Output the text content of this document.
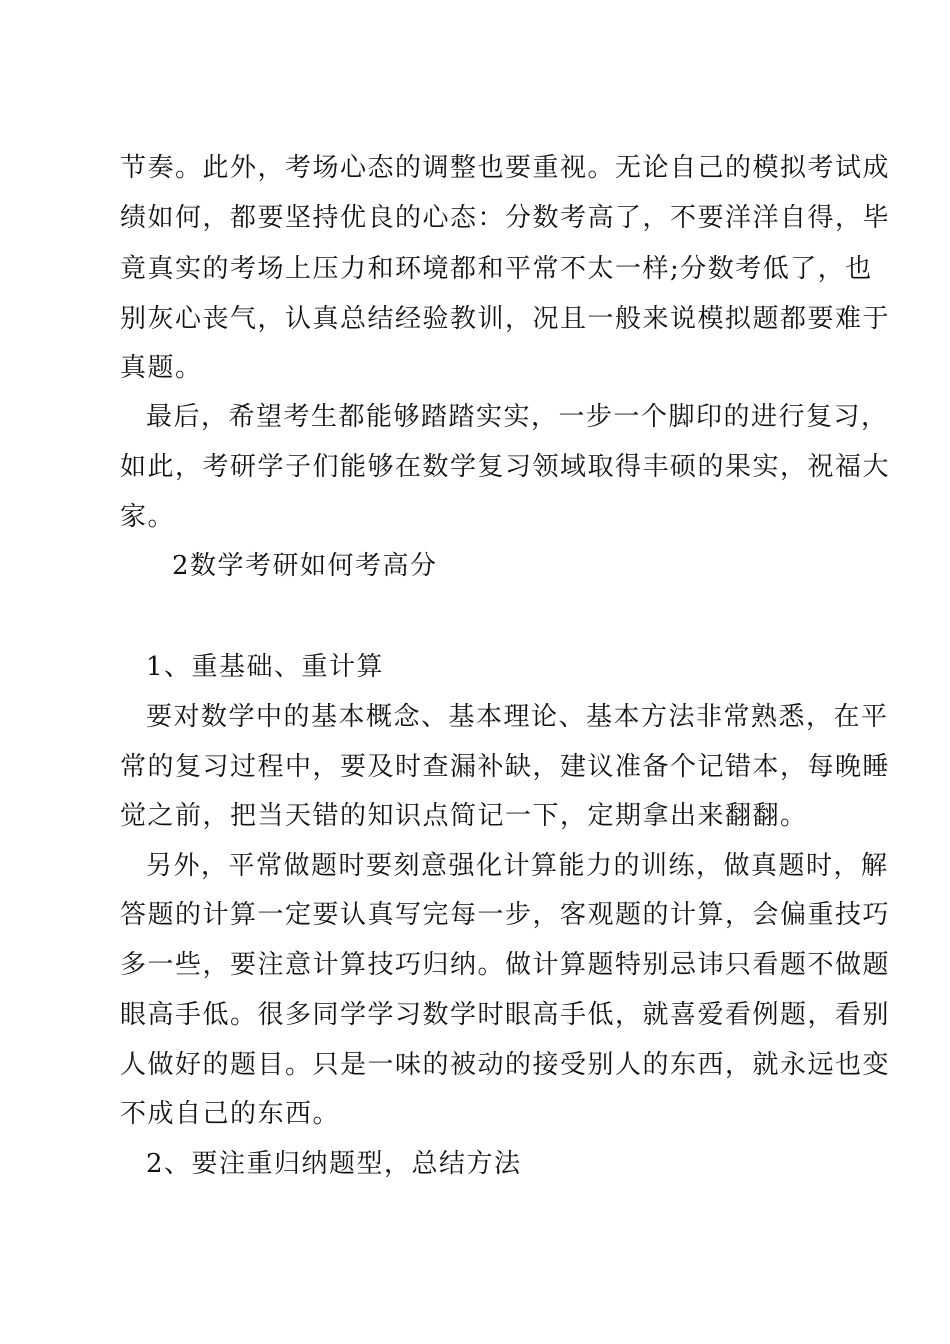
节奏。此外，考场心态的调整也要重视。无论自己的模拟考试成
绩如何，都要坚持优良的心态：分数考高了，不要洋洋自得，毕
竟真实的考场上压力和环境都和平常不太一样;分数考低了，也
别灰心丧气，认真总结经验教训，况且一般来说模拟题都要难于
真题。
最后，希望考生都能够踏踏实实，一步一个脚印的进行复习，
如此，考研学子们能够在数学复习领域取得丰硕的果实，祝福大
家。
2数学考研如何考高分
1、重基础、重计算
要对数学中的基本概念、基本理论、基本方法非常熟悉，在平
常的复习过程中，要及时查漏补缺，建议准备个记错本，每晚睡
觉之前，把当天错的知识点简记一下，定期拿出来翻翻。
另外，平常做题时要刻意强化计算能力的训练，做真题时，解
答题的计算一定要认真写完每一步，客观题的计算，会偏重技巧
多一些，要注意计算技巧归纳。做计算题特别忌讳只看题不做题
眼高手低。很多同学学习数学时眼高手低，就喜爱看例题，看别
人做好的题目。只是一味的被动的接受别人的东西，就永远也变
不成自己的东西。
2、要注重归纳题型，总结方法
